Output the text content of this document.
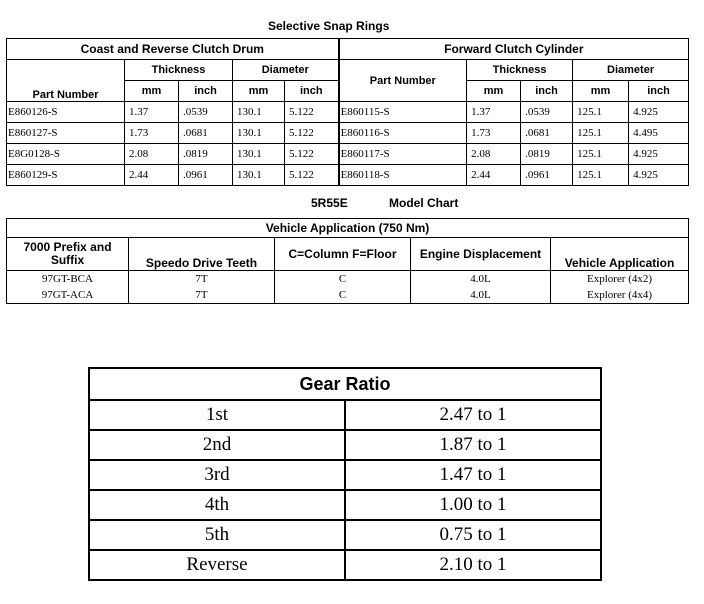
Selective Snap Rings
Coast and Reverse Clutch Drum					Forward Clutch Cylinder				
Part Number	Thickness		Diameter		Part Number	Thickness		Diameter	
	mm	inch	mm	inch		mm	inch	mm	inch
E860126-S	1.37	.0539	130.1	5.122	E860115-S	1.37	.0539	125.1	4.925
E860127-S	1.73	.0681	130.1	5.122	E860116-S	1.73	.0681	125.1	4.495
E8G0128-S	2.08	.0819	130.1	5.122	E860117-S	2.08	.0819	125.1	4.925
E860129-S	2.44	.0961	130.1	5.122	E860118-S	2.44	.0961	125.1	4.925
5R55E	Model Chart
Vehicle Application (750 Nm)				
7000 Prefix and Suffix	Speedo Drive Teeth	C=Column F=Floor	Engine Displacement	Vehicle Application
97GT-BCA	7T	C	4.0L	Explorer (4x2)
97GT-ACA	7T	C	4.0L	Explorer (4x4)
Gear Ratio	
1st	2.47 to 1
2nd	1.87 to 1
3rd	1.47 to 1
4th	1.00 to 1
5th	0.75 to 1
Reverse	2.10 to 1
